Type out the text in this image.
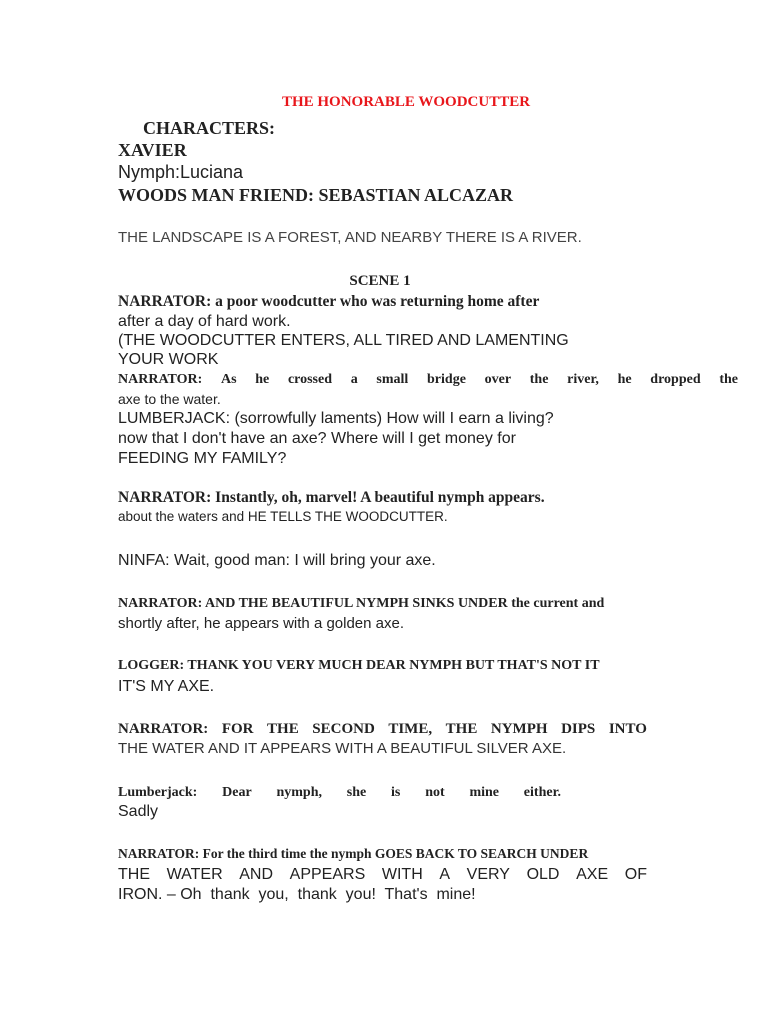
THE HONORABLE WOODCUTTER
CHARACTERS:
XAVIER
Nymph:Luciana
WOODS MAN FRIEND: SEBASTIAN ALCAZAR
THE LANDSCAPE IS A FOREST, AND NEARBY THERE IS A RIVER.
SCENE 1
NARRATOR: a poor woodcutter who was returning home after
after a day of hard work.
(THE WOODCUTTER ENTERS, ALL TIRED AND LAMENTING
YOUR WORK
NARRATOR: As he crossed a small bridge over the river, he dropped the
axe to the water.
LUMBERJACK: (sorrowfully laments) How will I earn a living?
now that I don't have an axe? Where will I get money for
FEEDING MY FAMILY?
NARRATOR: Instantly, oh, marvel! A beautiful nymph appears.
about the waters and HE TELLS THE WOODCUTTER.
NINFA: Wait, good man: I will bring your axe.
NARRATOR: AND THE BEAUTIFUL NYMPH SINKS UNDER the current and
shortly after, he appears with a golden axe.
LOGGER: THANK YOU VERY MUCH DEAR NYMPH BUT THAT'S NOT IT
IT'S MY AXE.
NARRATOR: FOR THE SECOND TIME, THE NYMPH DIPS INTO
THE WATER AND IT APPEARS WITH A BEAUTIFUL SILVER AXE.
Lumberjack: Dear nymph, she is not mine either.
Sadly
NARRATOR: For the third time the nymph GOES BACK TO SEARCH UNDER
THE WATER AND APPEARS WITH A VERY OLD AXE OF
IRON. – Oh  thank  you,  thank  you!  That's  mine!
